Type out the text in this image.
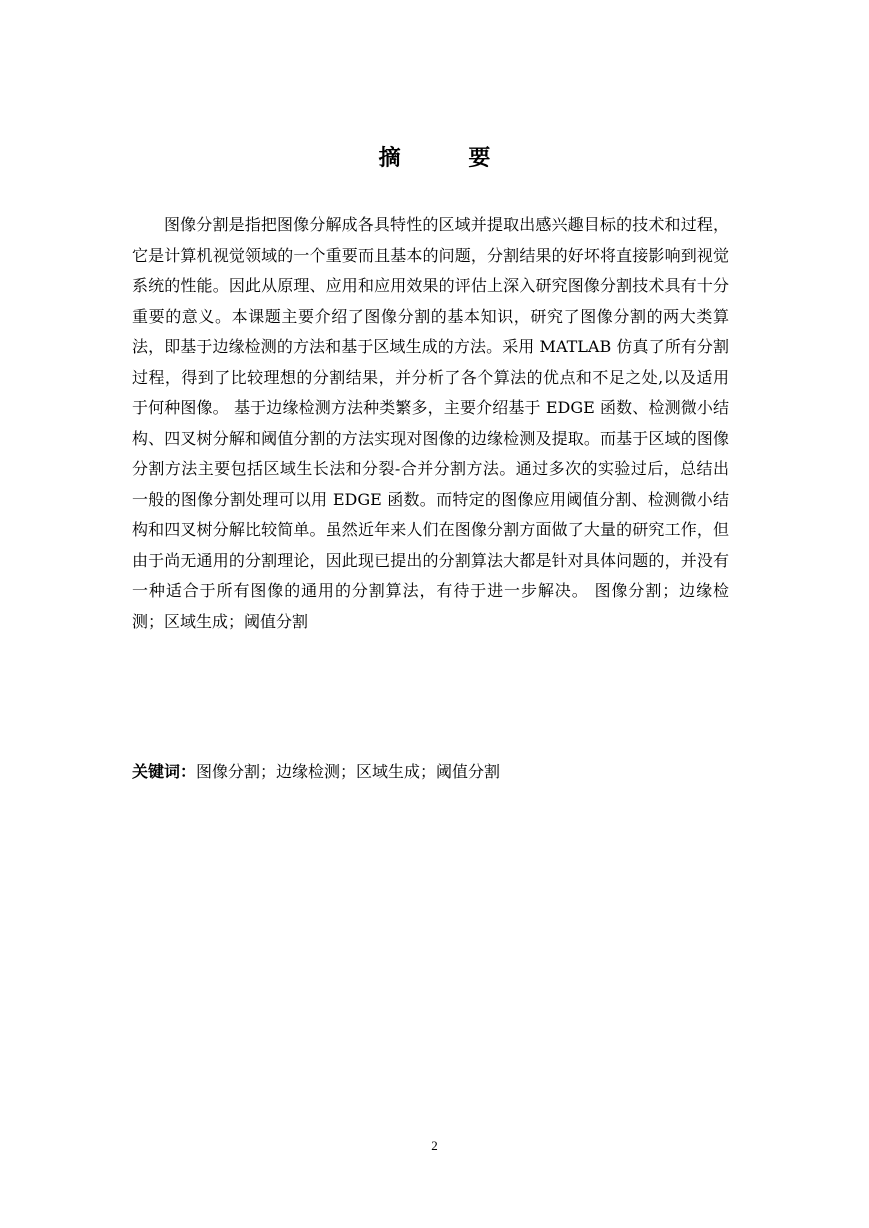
摘 要

图像分割是指把图像分解成各具特性的区域并提取出感兴趣目标的技术和过程，它是计算机视觉领域的一个重要而且基本的问题，分割结果的好坏将直接影响到视觉系统的性能。因此从原理、应用和应用效果的评估上深入研究图像分割技术具有十分重要的意义。本课题主要介绍了图像分割的基本知识，研究了图像分割的两大类算法，即基于边缘检测的方法和基于区域生成的方法。采用 MATLAB 仿真了所有分割过程，得到了比较理想的分割结果，并分析了各个算法的优点和不足之处,以及适用于何种图像。 基于边缘检测方法种类繁多，主要介绍基于 EDGE 函数、检测微小结构、四叉树分解和阈值分割的方法实现对图像的边缘检测及提取。而基于区域的图像分割方法主要包括区域生长法和分裂-合并分割方法。通过多次的实验过后，总结出一般的图像分割处理可以用 EDGE 函数。而特定的图像应用阈值分割、检测微小结构和四叉树分解比较简单。虽然近年来人们在图像分割方面做了大量的研究工作，但由于尚无通用的分割理论，因此现已提出的分割算法大都是针对具体问题的，并没有一种适合于所有图像的通用的分割算法，有待于进一步解决。 图像分割；边缘检测；区域生成；阈值分割

关键词：图像分割；边缘检测；区域生成；阈值分割

2
